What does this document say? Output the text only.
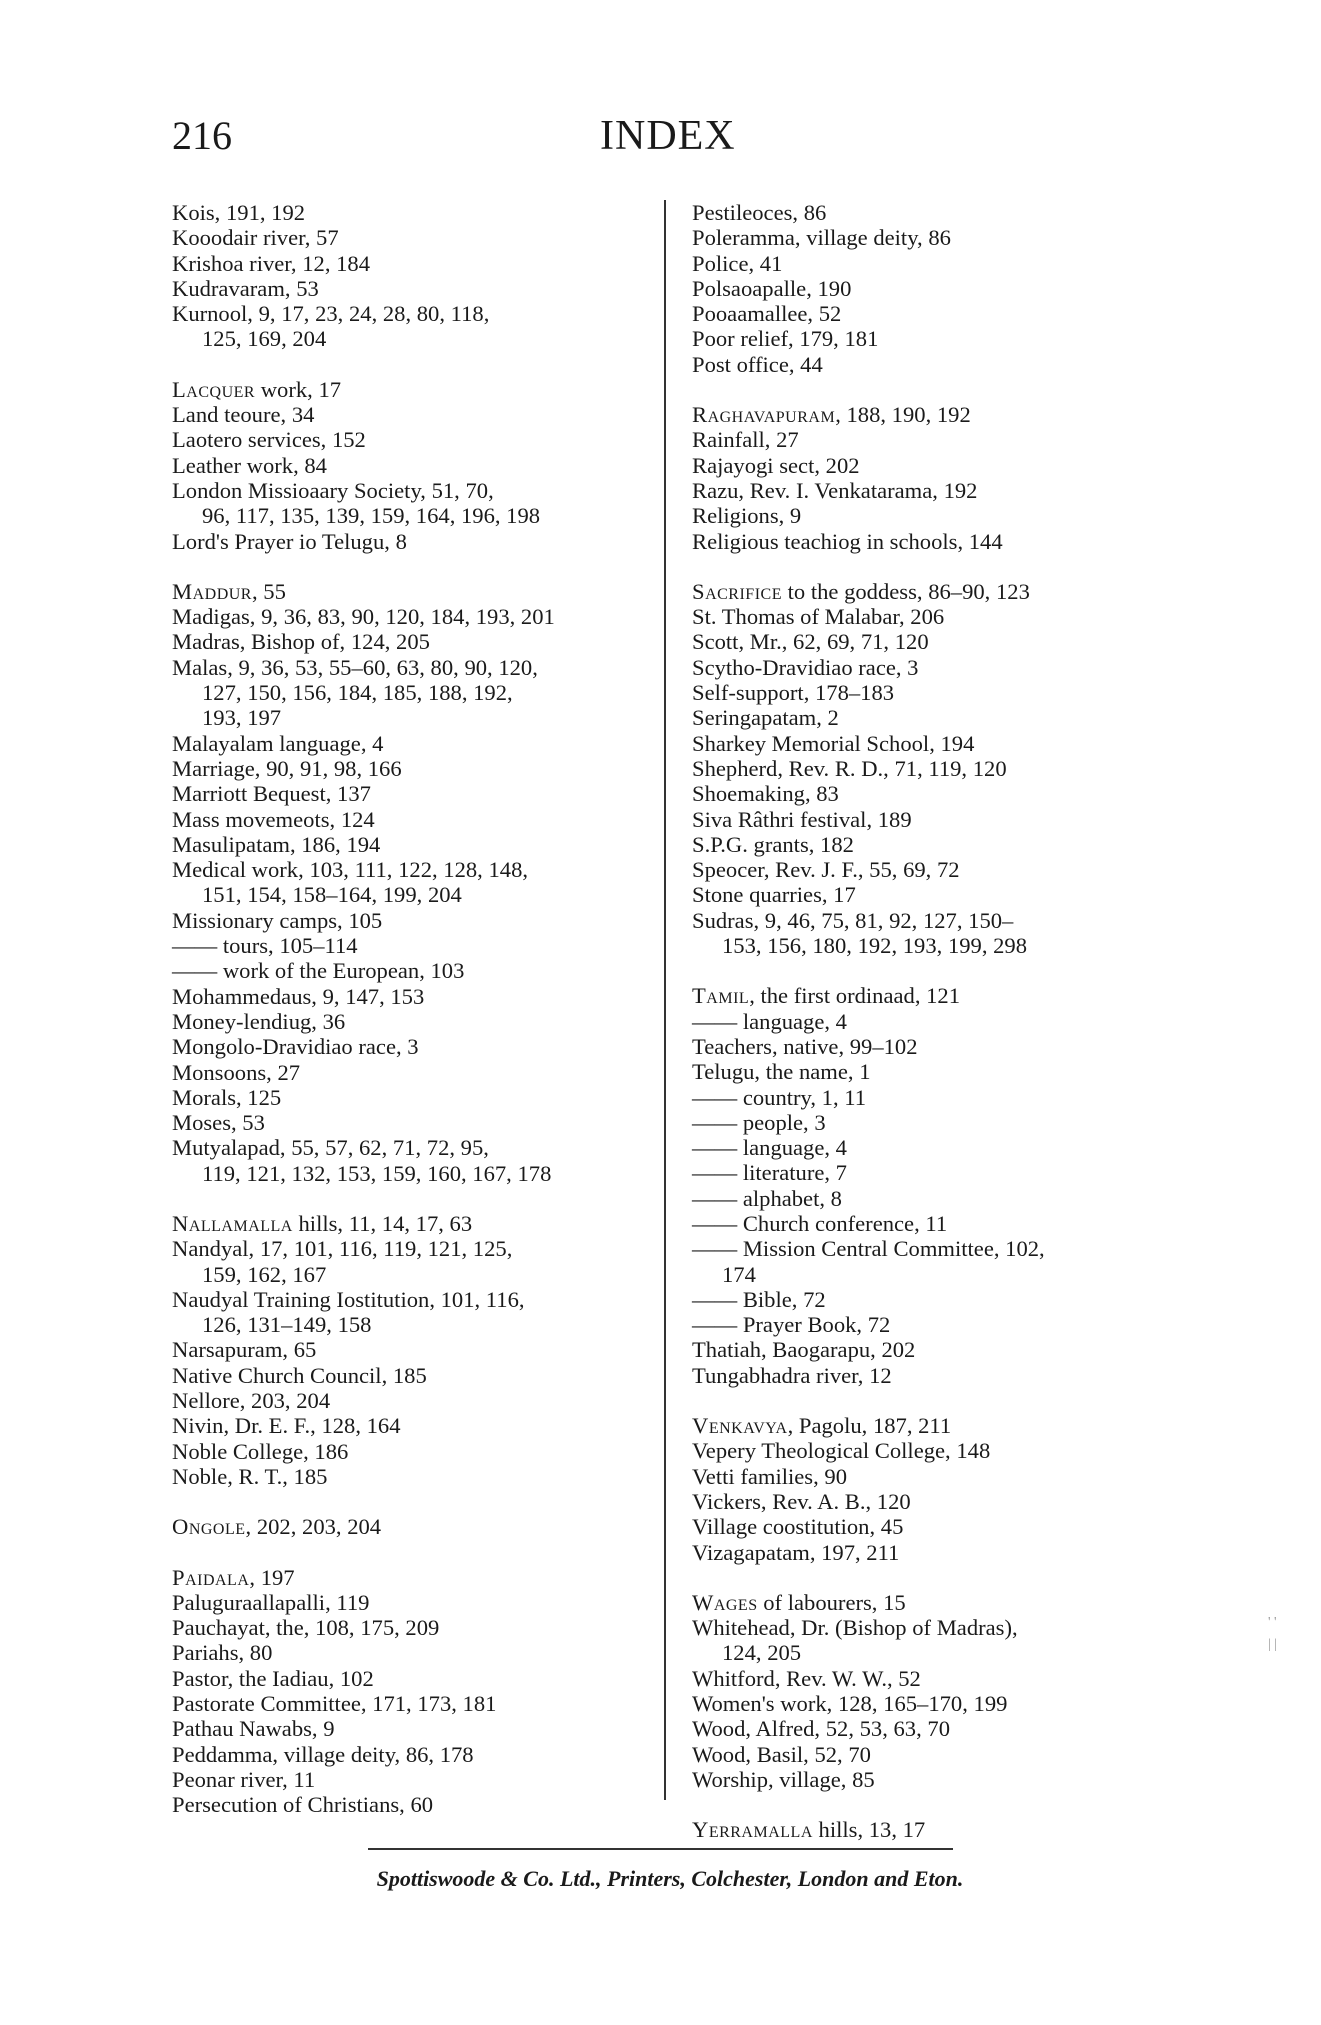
216	INDEX
Kois, 191, 192
Kooodair river, 57
Krishoa river, 12, 184
Kudravaram, 53
Kurnool, 9, 17, 23, 24, 28, 80, 118,
125, 169, 204
Lacquer work, 17
Land teoure, 34
Laotero services, 152
Leather work, 84
London Missioaary Society, 51, 70,
96, 117, 135, 139, 159, 164, 196, 198
Lord's Prayer io Telugu, 8
Maddur, 55
Madigas, 9, 36, 83, 90, 120, 184, 193, 201
Madras, Bishop of, 124, 205
Malas, 9, 36, 53, 55–60, 63, 80, 90, 120,
127, 150, 156, 184, 185, 188, 192,
193, 197
Malayalam language, 4
Marriage, 90, 91, 98, 166
Marriott Bequest, 137
Mass movemeots, 124
Masulipatam, 186, 194
Medical work, 103, 111, 122, 128, 148,
151, 154, 158–164, 199, 204
Missionary camps, 105
—— tours, 105–114
—— work of the European, 103
Mohammedaus, 9, 147, 153
Money-lendiug, 36
Mongolo-Dravidiao race, 3
Monsoons, 27
Morals, 125
Moses, 53
Mutyalapad, 55, 57, 62, 71, 72, 95,
119, 121, 132, 153, 159, 160, 167, 178
Nallamalla hills, 11, 14, 17, 63
Nandyal, 17, 101, 116, 119, 121, 125,
159, 162, 167
Naudyal Training Iostitution, 101, 116,
126, 131–149, 158
Narsapuram, 65
Native Church Council, 185
Nellore, 203, 204
Nivin, Dr. E. F., 128, 164
Noble College, 186
Noble, R. T., 185
Ongole, 202, 203, 204
Paidala, 197
Paluguraallapalli, 119
Pauchayat, the, 108, 175, 209
Pariahs, 80
Pastor, the Iadiau, 102
Pastorate Committee, 171, 173, 181
Pathau Nawabs, 9
Peddamma, village deity, 86, 178
Peonar river, 11
Persecution of Christians, 60
Pestileoces, 86
Poleramma, village deity, 86
Police, 41
Polsaoapalle, 190
Pooaamallee, 52
Poor relief, 179, 181
Post office, 44
Raghavapuram, 188, 190, 192
Rainfall, 27
Rajayogi sect, 202
Razu, Rev. I. Venkatarama, 192
Religions, 9
Religious teachiog in schools, 144
Sacrifice to the goddess, 86–90, 123
St. Thomas of Malabar, 206
Scott, Mr., 62, 69, 71, 120
Scytho-Dravidiao race, 3
Self-support, 178–183
Seringapatam, 2
Sharkey Memorial School, 194
Shepherd, Rev. R. D., 71, 119, 120
Shoemaking, 83
Siva Râthri festival, 189
S.P.G. grants, 182
Speocer, Rev. J. F., 55, 69, 72
Stone quarries, 17
Sudras, 9, 46, 75, 81, 92, 127, 150–
153, 156, 180, 192, 193, 199, 298
Tamil, the first ordinaad, 121
—— language, 4
Teachers, native, 99–102
Telugu, the name, 1
—— country, 1, 11
—— people, 3
—— language, 4
—— literature, 7
—— alphabet, 8
—— Church conference, 11
—— Mission Central Committee, 102,
174
—— Bible, 72
—— Prayer Book, 72
Thatiah, Baogarapu, 202
Tungabhadra river, 12
Venkavya, Pagolu, 187, 211
Vepery Theological College, 148
Vetti families, 90
Vickers, Rev. A. B., 120
Village coostitution, 45
Vizagapatam, 197, 211
Wages of labourers, 15
Whitehead, Dr. (Bishop of Madras),
124, 205
Whitford, Rev. W. W., 52
Women's work, 128, 165–170, 199
Wood, Alfred, 52, 53, 63, 70
Wood, Basil, 52, 70
Worship, village, 85
Yerramalla hills, 13, 17
Spottiswoode & Co. Ltd., Printers, Colchester, London and Eton.
' '
| |
